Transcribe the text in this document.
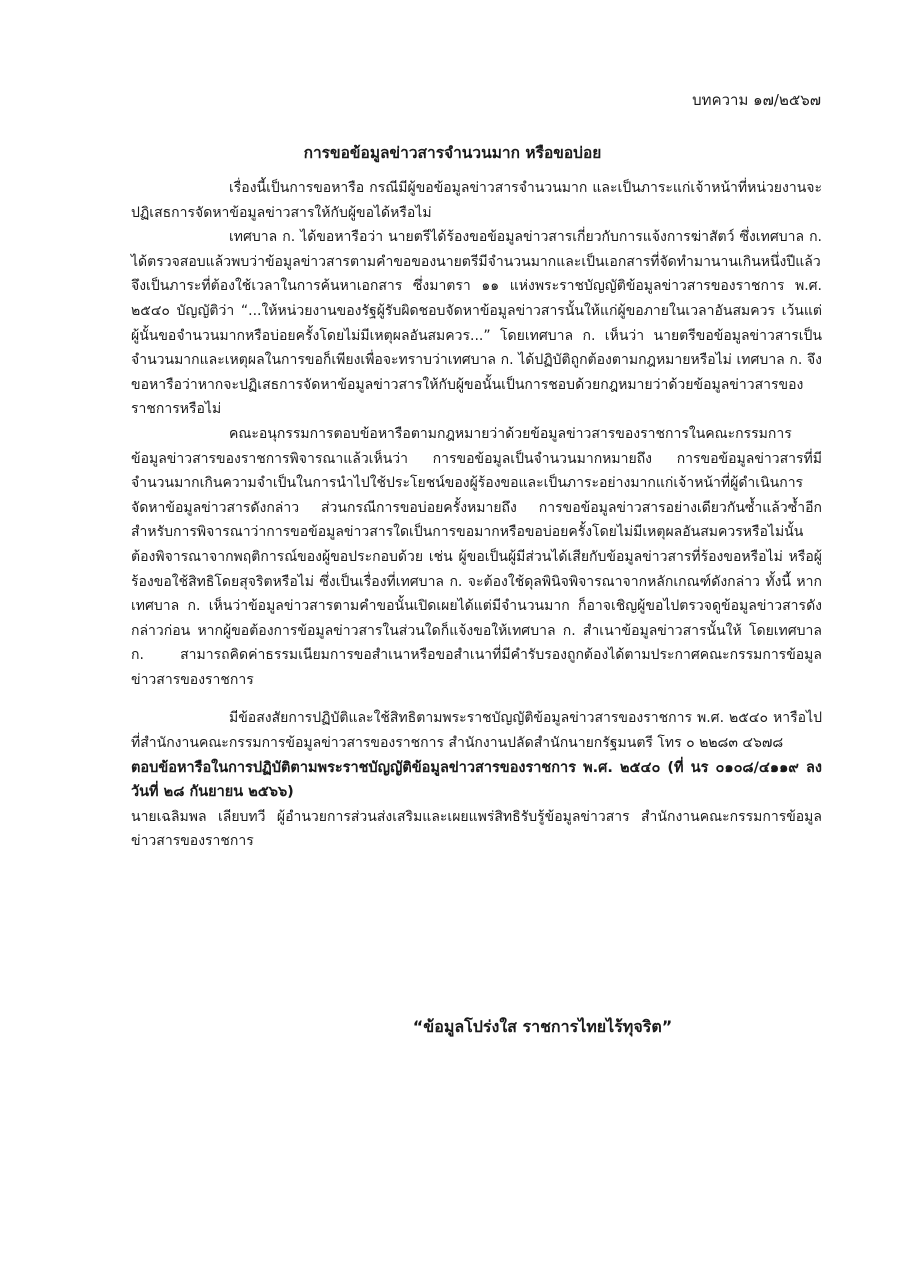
บทความ ๑๗/๒๕๖๗

การขอข้อมูลข่าวสารจำนวนมาก หรือขอบ่อย

เรื่องนี้เป็นการขอหารือ กรณีมีผู้ขอข้อมูลข่าวสารจำนวนมาก และเป็นภาระแก่เจ้าหน้าที่หน่วยงานจะปฏิเสธการจัดหาข้อมูลข่าวสารให้กับผู้ขอได้หรือไม่

เทศบาล ก. ได้ขอหารือว่า นายตรีได้ร้องขอข้อมูลข่าวสารเกี่ยวกับการแจ้งการฆ่าสัตว์ ซึ่งเทศบาล ก. ได้ตรวจสอบแล้วพบว่าข้อมูลข่าวสารตามคำขอของนายตรีมีจำนวนมากและเป็นเอกสารที่จัดทำมานานเกินหนึ่งปีแล้ว จึงเป็นภาระที่ต้องใช้เวลาในการค้นหาเอกสาร ซึ่งมาตรา ๑๑ แห่งพระราชบัญญัติข้อมูลข่าวสารของราชการ พ.ศ. ๒๕๔๐ บัญญัติว่า “...ให้หน่วยงานของรัฐผู้รับผิดชอบจัดหาข้อมูลข่าวสารนั้นให้แก่ผู้ขอภายในเวลาอันสมควร เว้นแต่ผู้นั้นขอจำนวนมากหรือบ่อยครั้งโดยไม่มีเหตุผลอันสมควร...” โดยเทศบาล ก. เห็นว่า นายตรีขอข้อมูลข่าวสารเป็นจำนวนมากและเหตุผลในการขอก็เพียงเพื่อจะทราบว่าเทศบาล ก. ได้ปฏิบัติถูกต้องตามกฎหมายหรือไม่ เทศบาล ก. จึงขอหารือว่าหากจะปฏิเสธการจัดหาข้อมูลข่าวสารให้กับผู้ขอนั้นเป็นการชอบด้วยกฎหมายว่าด้วยข้อมูลข่าวสารของราชการหรือไม่

คณะอนุกรรมการตอบข้อหารือตามกฎหมายว่าด้วยข้อมูลข่าวสารของราชการในคณะกรรมการข้อมูลข่าวสารของราชการพิจารณาแล้วเห็นว่า การขอข้อมูลเป็นจำนวนมากหมายถึง การขอข้อมูลข่าวสารที่มีจำนวนมากเกินความจำเป็นในการนำไปใช้ประโยชน์ของผู้ร้องขอและเป็นภาระอย่างมากแก่เจ้าหน้าที่ผู้ดำเนินการจัดหาข้อมูลข่าวสารดังกล่าว ส่วนกรณีการขอบ่อยครั้งหมายถึง การขอข้อมูลข่าวสารอย่างเดียวกันซ้ำแล้วซ้ำอีก สำหรับการพิจารณาว่าการขอข้อมูลข่าวสารใดเป็นการขอมากหรือขอบ่อยครั้งโดยไม่มีเหตุผลอันสมควรหรือไม่นั้น ต้องพิจารณาจากพฤติการณ์ของผู้ขอประกอบด้วย เช่น ผู้ขอเป็นผู้มีส่วนได้เสียกับข้อมูลข่าวสารที่ร้องขอหรือไม่ หรือผู้ร้องขอใช้สิทธิโดยสุจริตหรือไม่ ซึ่งเป็นเรื่องที่เทศบาล ก. จะต้องใช้ดุลพินิจพิจารณาจากหลักเกณฑ์ดังกล่าว ทั้งนี้ หากเทศบาล ก. เห็นว่าข้อมูลข่าวสารตามคำขอนั้นเปิดเผยได้แต่มีจำนวนมาก ก็อาจเชิญผู้ขอไปตรวจดูข้อมูลข่าวสารดังกล่าวก่อน หากผู้ขอต้องการข้อมูลข่าวสารในส่วนใดก็แจ้งขอให้เทศบาล ก. สำเนาข้อมูลข่าวสารนั้นให้ โดยเทศบาล ก. สามารถคิดค่าธรรมเนียมการขอสำเนาหรือขอสำเนาที่มีคำรับรองถูกต้องได้ตามประกาศคณะกรรมการข้อมูลข่าวสารของราชการ

มีข้อสงสัยการปฏิบัติและใช้สิทธิตามพระราชบัญญัติข้อมูลข่าวสารของราชการ พ.ศ. ๒๕๔๐ หารือไปที่สำนักงานคณะกรรมการข้อมูลข่าวสารของราชการ สำนักงานปลัดสำนักนายกรัฐมนตรี โทร ๐ ๒๒๘๓ ๔๖๗๘

ตอบข้อหารือในการปฏิบัติตามพระราชบัญญัติข้อมูลข่าวสารของราชการ พ.ศ. ๒๕๔๐ (ที่ นร ๐๑๐๘/๔๑๑๙ ลงวันที่ ๒๘ กันยายน ๒๕๖๖)

นายเฉลิมพล เลียบทวี ผู้อำนวยการส่วนส่งเสริมและเผยแพร่สิทธิรับรู้ข้อมูลข่าวสาร สำนักงานคณะกรรมการข้อมูลข่าวสารของราชการ

“ข้อมูลโปร่งใส ราชการไทยไร้ทุจริต”
